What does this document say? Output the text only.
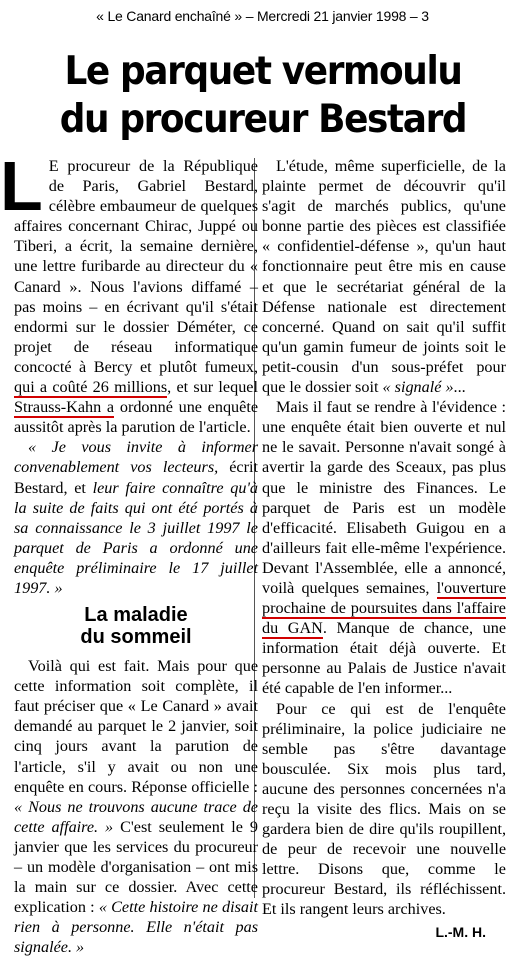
« Le Canard enchaîné » – Mercredi 21 janvier 1998 – 3
Le parquet vermoulu
du procureur Bestard

L E procureur de la République de Paris, Gabriel Bestard, célèbre embaumeur de quelques affaires concernant Chirac, Juppé ou Tiberi, a écrit, la semaine dernière, une lettre furibarde au directeur du « Canard ». Nous l'avions diffamé – pas moins – en écrivant qu'il s'était endormi sur le dossier Déméter, ce projet de réseau informatique concocté à Bercy et plutôt fumeux, qui a coûté 26 millions, et sur lequel Strauss-Kahn a ordonné une enquête aussitôt après la parution de l'article.

« Je vous invite à informer convenablement vos lecteurs, écrit Bestard, et leur faire connaître qu'à la suite de faits qui ont été portés à sa connaissance le 3 juillet 1997 le parquet de Paris a ordonné une enquête préliminaire le 17 juillet 1997. »

La maladie
du sommeil

Voilà qui est fait. Mais pour que cette information soit complète, il faut préciser que « Le Canard » avait demandé au parquet le 2 janvier, soit cinq jours avant la parution de l'article, s'il y avait ou non une enquête en cours. Réponse officielle : « Nous ne trouvons aucune trace de cette affaire. » C'est seulement le 9 janvier que les services du procureur – un modèle d'organisation – ont mis la main sur ce dossier. Avec cette explication : « Cette histoire ne disait rien à personne. Elle n'était pas signalée. »

L'étude, même superficielle, de la plainte permet de découvrir qu'il s'agit de marchés publics, qu'une bonne partie des pièces est classifiée « confidentiel-défense », qu'un haut fonctionnaire peut être mis en cause et que le secrétariat général de la Défense nationale est directement concerné. Quand on sait qu'il suffit qu'un gamin fumeur de joints soit le petit-cousin d'un sous-préfet pour que le dossier soit « signalé »...

Mais il faut se rendre à l'évidence : une enquête était bien ouverte et nul ne le savait. Personne n'avait songé à avertir la garde des Sceaux, pas plus que le ministre des Finances. Le parquet de Paris est un modèle d'efficacité. Elisabeth Guigou en a d'ailleurs fait elle-même l'expérience. Devant l'Assemblée, elle a annoncé, voilà quelques semaines, l'ouverture prochaine de poursuites dans l'affaire du GAN. Manque de chance, une information était déjà ouverte. Et personne au Palais de Justice n'avait été capable de l'en informer...

Pour ce qui est de l'enquête préliminaire, la police judiciaire ne semble pas s'être davantage bousculée. Six mois plus tard, aucune des personnes concernées n'a reçu la visite des flics. Mais on se gardera bien de dire qu'ils roupillent, de peur de recevoir une nouvelle lettre. Disons que, comme le procureur Bestard, ils réfléchissent. Et ils rangent leurs archives.

L.-M. H.
